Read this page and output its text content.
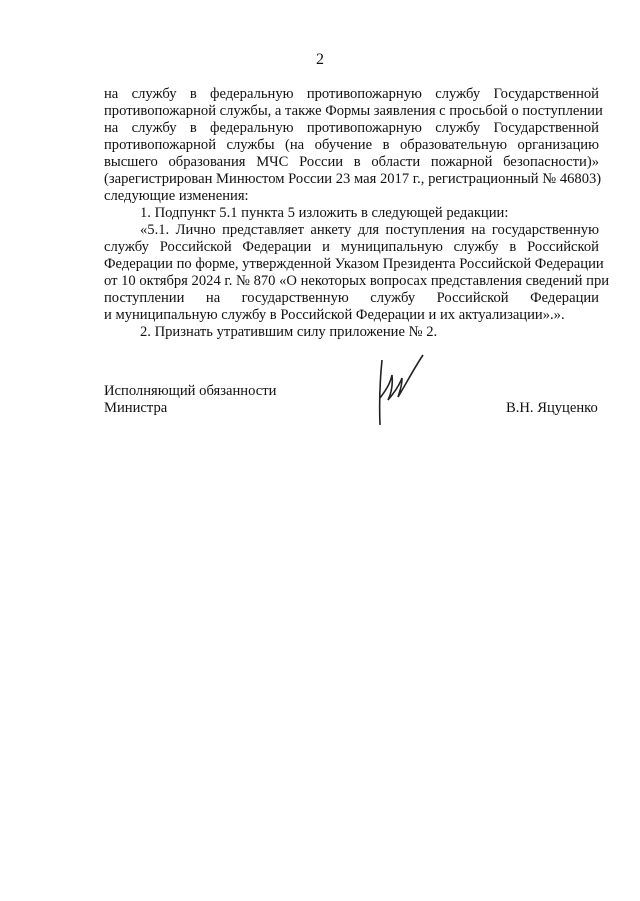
2
на службу в федеральную противопожарную службу Государственной
противопожарной службы, а также Формы заявления с просьбой о поступлении
на службу в федеральную противопожарную службу Государственной
противопожарной службы (на обучение в образовательную организацию
высшего образования МЧС России в области пожарной безопасности)»
(зарегистрирован Минюстом России 23 мая 2017 г., регистрационный № 46803)
следующие изменения:
1. Подпункт 5.1 пункта 5 изложить в следующей редакции:
«5.1. Лично представляет анкету для поступления на государственную
службу Российской Федерации и муниципальную службу в Российской
Федерации по форме, утвержденной Указом Президента Российской Федерации
от 10 октября 2024 г. № 870 «О некоторых вопросах представления сведений при
поступлении на государственную службу Российской Федерации
и муниципальную службу в Российской Федерации и их актуализации».».
2. Признать утратившим силу приложение № 2.
Исполняющий обязанности
Министра	В.Н. Яцуценко
